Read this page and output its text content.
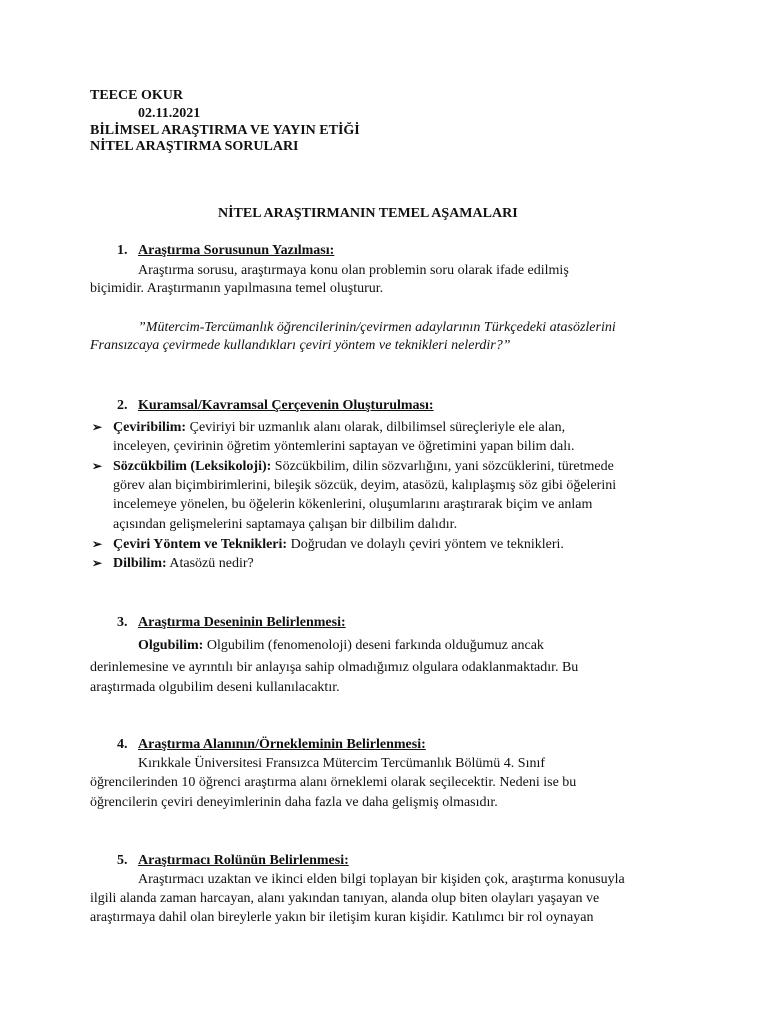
TEECE OKUR
02.11.2021
BİLİMSEL ARAŞTIRMA VE YAYIN ETİĞİ
NİTEL ARAŞTIRMA SORULARI
NİTEL ARAŞTIRMANIN TEMEL AŞAMALARI
1. Araştırma Sorusunun Yazılması:
Araştırma sorusu, araştırmaya konu olan problemin soru olarak ifade edilmiş
biçimidir. Araştırmanın yapılmasına temel oluşturur.
”Mütercim-Tercümanlık öğrencilerinin/çevirmen adaylarının Türkçedeki atasözlerini
Fransızcaya çevirmede kullandıkları çeviri yöntem ve teknikleri nelerdir?”
2. Kuramsal/Kavramsal Çerçevenin Oluşturulması:
➢ Çeviribilim: Çeviriyi bir uzmanlık alanı olarak, dilbilimsel süreçleriyle ele alan,
inceleyen, çevirinin öğretim yöntemlerini saptayan ve öğretimini yapan bilim dalı.
➢ Sözcükbilim (Leksikoloji): Sözcükbilim, dilin sözvarlığını, yani sözcüklerini, türetmede
görev alan biçimbirimlerini, bileşik sözcük, deyim, atasözü, kalıplaşmış söz gibi öğelerini
incelemeye yönelen, bu öğelerin kökenlerini, oluşumlarını araştırarak biçim ve anlam
açısından gelişmelerini saptamaya çalışan bir dilbilim dalıdır.
➢ Çeviri Yöntem ve Teknikleri: Doğrudan ve dolaylı çeviri yöntem ve teknikleri.
➢ Dilbilim: Atasözü nedir?
3. Araştırma Deseninin Belirlenmesi:
Olgubilim: Olgubilim (fenomenoloji) deseni farkında olduğumuz ancak
derinlemesine ve ayrıntılı bir anlayışa sahip olmadığımız olgulara odaklanmaktadır. Bu
araştırmada olgubilim deseni kullanılacaktır.
4. Araştırma Alanının/Örnekleminin Belirlenmesi:
Kırıkkale Üniversitesi Fransızca Mütercim Tercümanlık Bölümü 4. Sınıf
öğrencilerinden 10 öğrenci araştırma alanı örneklemi olarak seçilecektir. Nedeni ise bu
öğrencilerin çeviri deneyimlerinin daha fazla ve daha gelişmiş olmasıdır.
5. Araştırmacı Rolünün Belirlenmesi:
Araştırmacı uzaktan ve ikinci elden bilgi toplayan bir kişiden çok, araştırma konusuyla
ilgili alanda zaman harcayan, alanı yakından tanıyan, alanda olup biten olayları yaşayan ve
araştırmaya dahil olan bireylerle yakın bir iletişim kuran kişidir. Katılımcı bir rol oynayan
